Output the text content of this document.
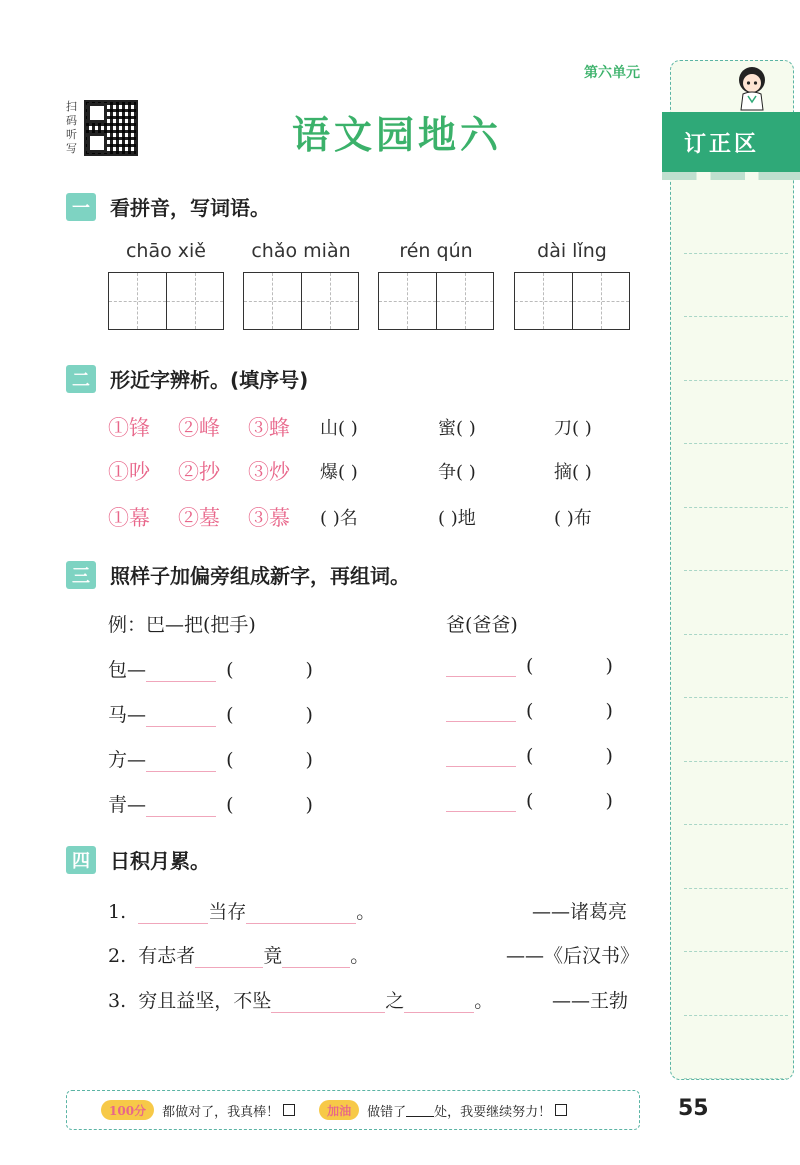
第六单元
扫
码
听
写	语文园地六
一	看拼音，写词语。
chāo xiě	chǎo miàn	rén qún	dài lǐng
二	形近字辨析。(填序号)
①锋 ②峰 ③蜂 山( )	蜜( )	刀( )
①吵 ②抄 ③炒 爆( )	争( )	摘( )
①幕 ②墓 ③慕 ( )名	( )地	( )布
三	照样子加偏旁组成新字，再组词。
例：巴—把(把手)	爸(爸爸)
包—	(	)	(	)
马—	(	)	(	)
方—	(	)	(	)
青—	(	)	(	)
四	日积月累。
1.	当存	。	——诸葛亮
2. 有志者	竟	。	——《后汉书》
3. 穷且益坚，不坠	之	。	——王勃
100分	都做对了，我真棒！	加油	做错了 处，我要继续努力！	55
订正区
